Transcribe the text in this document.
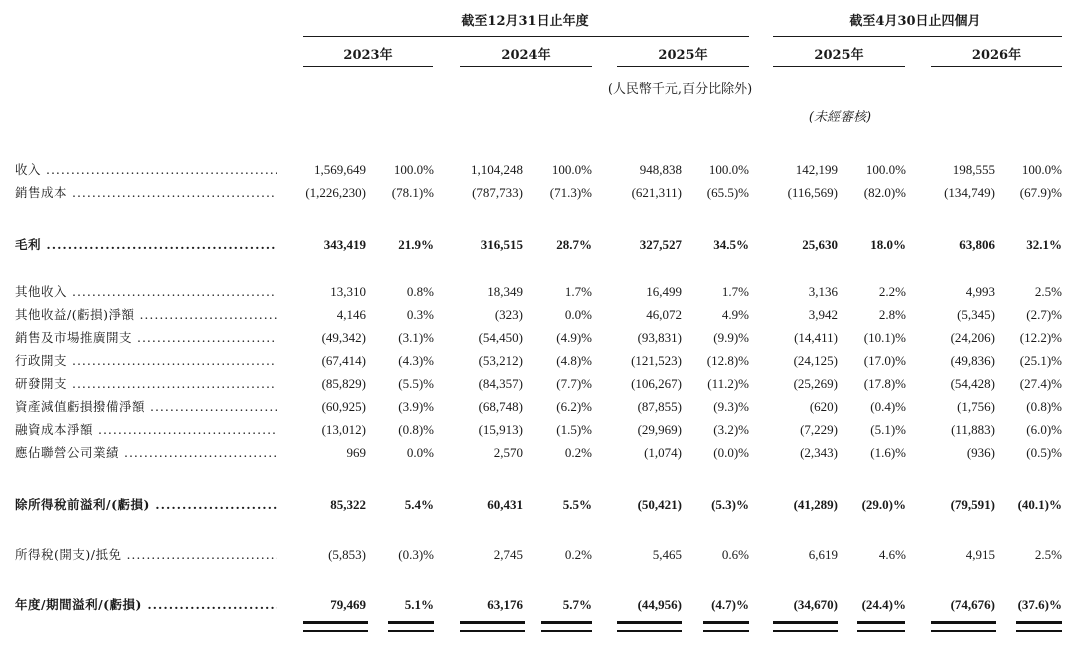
截至12月31日止年度	截至4月30日止四個月
2023年	2024年	2025年	2025年	2026年
(人民幣千元,百分比除外)
(未經審核)
收入 .....	1,569,649	100.0%	1,104,248	100.0%	948,838	100.0%	142,199	100.0%	198,555	100.0%
銷售成本 .....	(1,226,230)	(78.1)%	(787,733)	(71.3)%	(621,311)	(65.5)%	(116,569)	(82.0)%	(134,749)	(67.9)%
毛利 .....	343,419	21.9%	316,515	28.7%	327,527	34.5%	25,630	18.0%	63,806	32.1%
其他收入 .....	13,310	0.8%	18,349	1.7%	16,499	1.7%	3,136	2.2%	4,993	2.5%
其他收益/(虧損)淨額 .....	4,146	0.3%	(323)	0.0%	46,072	4.9%	3,942	2.8%	(5,345)	(2.7)%
銷售及市場推廣開支 .....	(49,342)	(3.1)%	(54,450)	(4.9)%	(93,831)	(9.9)%	(14,411)	(10.1)%	(24,206)	(12.2)%
行政開支 .....	(67,414)	(4.3)%	(53,212)	(4.8)%	(121,523)	(12.8)%	(24,125)	(17.0)%	(49,836)	(25.1)%
研發開支 .....	(85,829)	(5.5)%	(84,357)	(7.7)%	(106,267)	(11.2)%	(25,269)	(17.8)%	(54,428)	(27.4)%
資產減值虧損撥備淨額 .....	(60,925)	(3.9)%	(68,748)	(6.2)%	(87,855)	(9.3)%	(620)	(0.4)%	(1,756)	(0.8)%
融資成本淨額 .....	(13,012)	(0.8)%	(15,913)	(1.5)%	(29,969)	(3.2)%	(7,229)	(5.1)%	(11,883)	(6.0)%
應佔聯營公司業績 .....	969	0.0%	2,570	0.2%	(1,074)	(0.0)%	(2,343)	(1.6)%	(936)	(0.5)%
除所得稅前溢利/(虧損) .....	85,322	5.4%	60,431	5.5%	(50,421)	(5.3)%	(41,289)	(29.0)%	(79,591)	(40.1)%
所得稅(開支)/抵免 .....	(5,853)	(0.3)%	2,745	0.2%	5,465	0.6%	6,619	4.6%	4,915	2.5%
年度/期間溢利/(虧損) .....	79,469	5.1%	63,176	5.7%	(44,956)	(4.7)%	(34,670)	(24.4)%	(74,676)	(37.6)%
